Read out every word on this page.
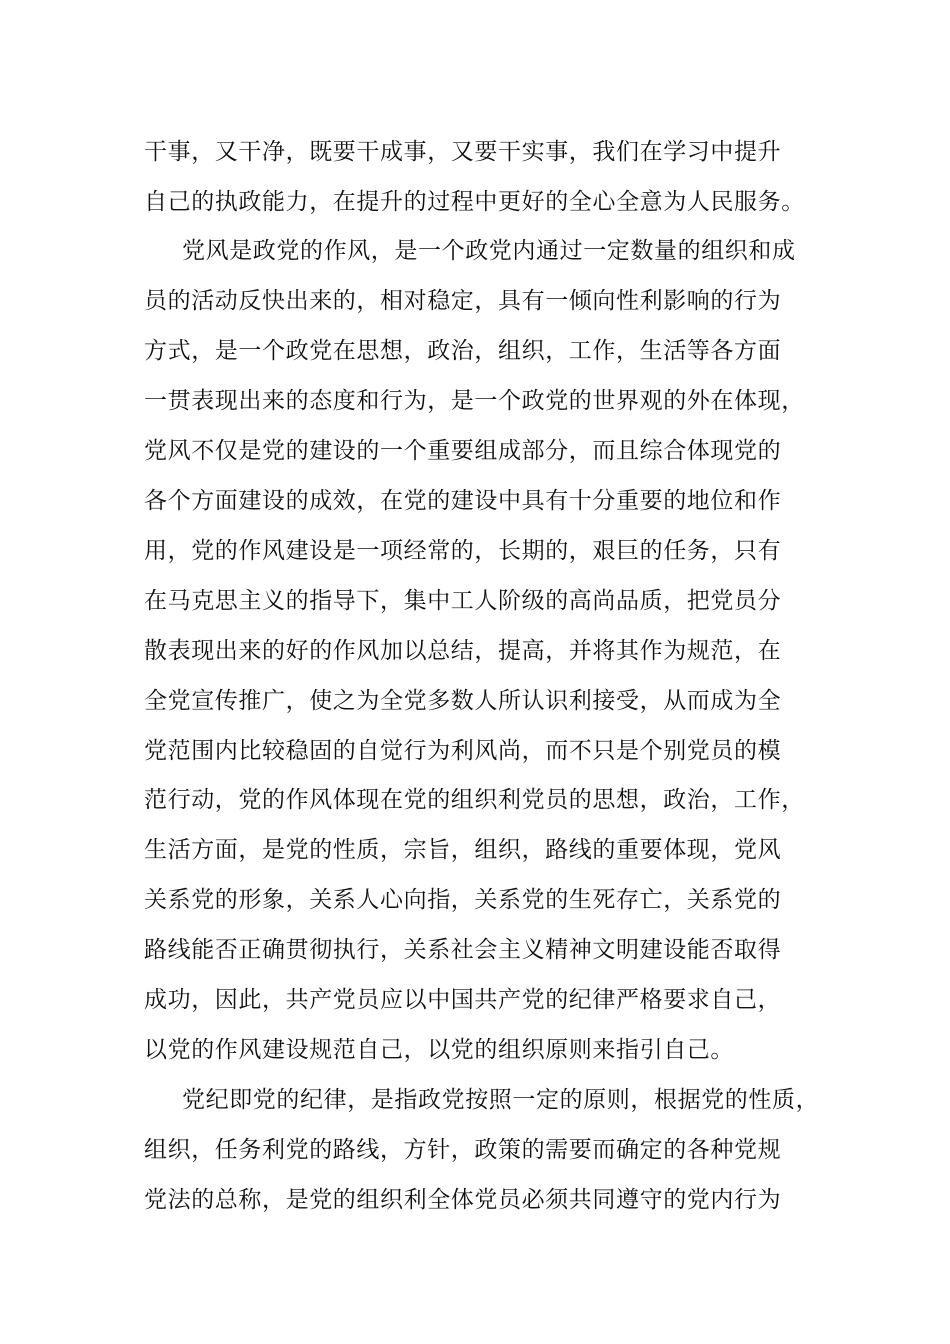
干事，又干净，既要干成事，又要干实事，我们在学习中提升
自己的执政能力，在提升的过程中更好的全心全意为人民服务。
党风是政党的作风，是一个政党内通过一定数量的组织和成
员的活动反快出来的，相对稳定，具有一倾向性利影响的行为
方式，是一个政党在思想，政治，组织，工作，生活等各方面
一贯表现出来的态度和行为，是一个政党的世界观的外在体现，
党风不仅是党的建设的一个重要组成部分，而且综合体现党的
各个方面建设的成效，在党的建设中具有十分重要的地位和作
用，党的作风建设是一项经常的，长期的，艰巨的任务，只有
在马克思主义的指导下，集中工人阶级的高尚品质，把党员分
散表现出来的好的作风加以总结，提高，并将其作为规范，在
全党宣传推广，使之为全党多数人所认识利接受，从而成为全
党范围内比较稳固的自觉行为利风尚，而不只是个别党员的模
范行动，党的作风体现在党的组织利党员的思想，政治，工作，
生活方面，是党的性质，宗旨，组织，路线的重要体现，党风
关系党的形象，关系人心向指，关系党的生死存亡，关系党的
路线能否正确贯彻执行，关系社会主义精神文明建设能否取得
成功，因此，共产党员应以中国共产党的纪律严格要求自己，
以党的作风建设规范自己，以党的组织原则来指引自己。
党纪即党的纪律，是指政党按照一定的原则，根据党的性质，
组织，任务利党的路线，方针，政策的需要而确定的各种党规
党法的总称，是党的组织利全体党员必须共同遵守的党内行为
